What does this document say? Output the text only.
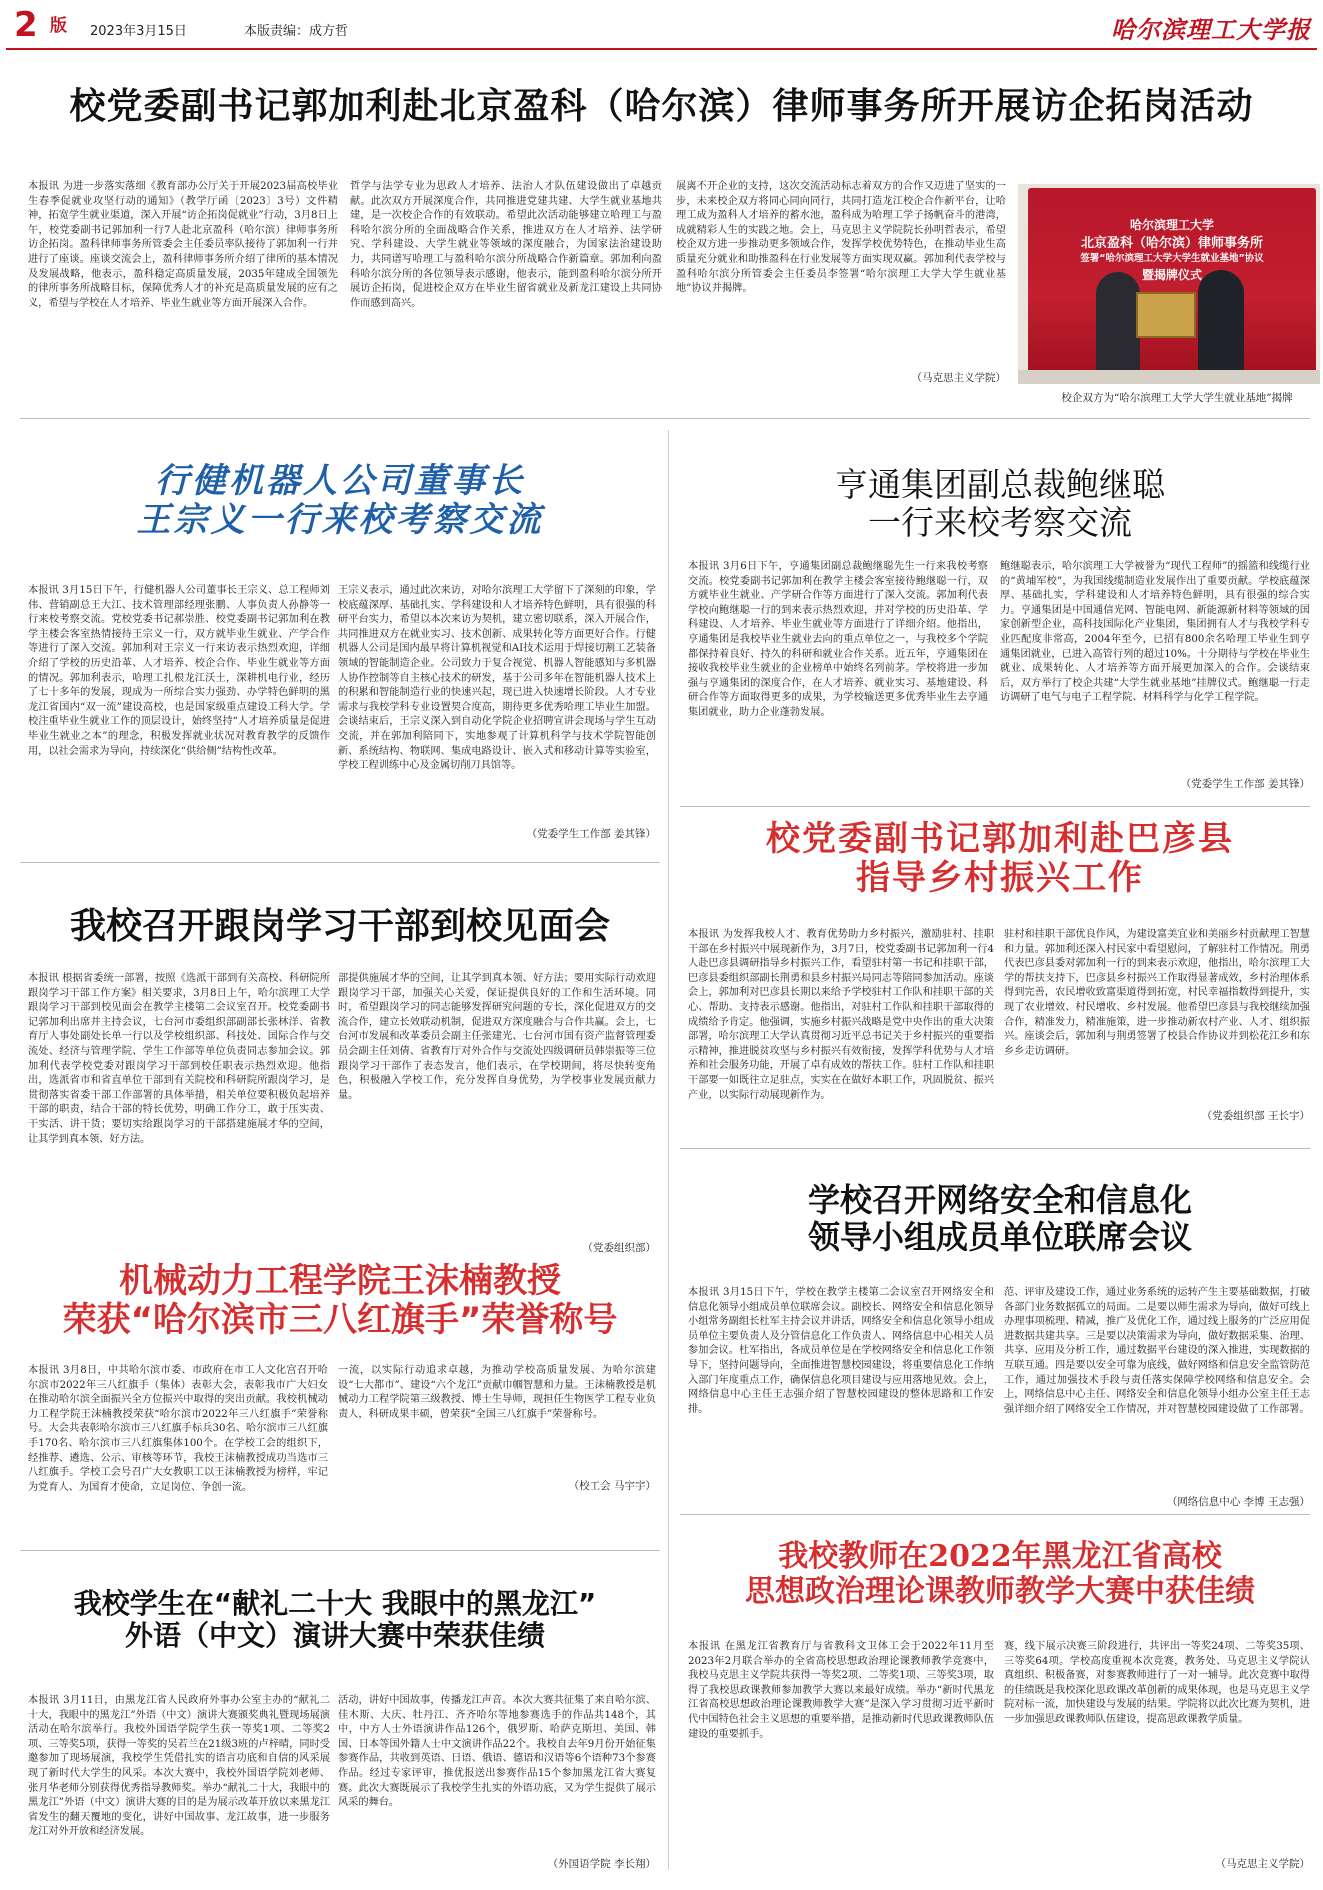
2 版 2023年3月15日	本版责编：成方哲	哈尔滨理工大学报
校党委副书记郭加利赴北京盈科（哈尔滨）律师事务所开展访企拓岗活动
本报讯 为进一步落实落细《教育部办公厅关于开展2023届高校毕业生春季促就业攻坚行动的通知》（教学厅函〔2023〕3号）文件精神，拓宽学生就业渠道，深入开展“访企拓岗促就业”行动，3月8日上午，校党委副书记郭加利一行7人赴北京盈科（哈尔滨）律师事务所访企拓岗。盈科律师事务所管委会主任委员率队接待了郭加利一行并进行了座谈。座谈交流会上，盈科律师事务所介绍了律所的基本情况及发展战略，他表示，盈科稳定高质量发展，2035年建成全国领先的律所事务所战略目标，保障优秀人才的补充是高质量发展的应有之义，希望与学校在人才培养、毕业生就业等方面开展深入合作。
哲学与法学专业为思政人才培养、法治人才队伍建设做出了卓越贡献。此次双方开展深度合作，共同推进党建共建、大学生就业基地共建，是一次校企合作的有效联动。希望此次活动能够建立哈理工与盈科哈尔滨分所的全面战略合作关系，推进双方在人才培养、法学研究、学科建设、大学生就业等领域的深度融合，为国家法治建设助力，共同谱写哈理工与盈科哈尔滨分所战略合作新篇章。郭加利向盈科哈尔滨分所的各位领导表示感谢，他表示，能到盈科哈尔滨分所开展访企拓岗，促进校企双方在毕业生留省就业及新龙江建设上共同协作而感到高兴。
展离不开企业的支持，这次交流活动标志着双方的合作又迈进了坚实的一步，未来校企双方将同心同向同行，共同打造龙江校企合作新平台，让哈理工成为盈科人才培养的蓄水池，盈科成为哈理工学子扬帆奋斗的港湾，成就精彩人生的实践之地。会上，马克思主义学院院长孙明哲表示，希望校企双方进一步推动更多领域合作，发挥学校优势特色，在推动毕业生高质量充分就业和助推盈科在行业发展等方面实现双赢。郭加利代表学校与盈科哈尔滨分所管委会主任委员李签署“哈尔滨理工大学大学生就业基地”协议并揭牌。
（马克思主义学院）
哈尔滨理工大学
北京盈科（哈尔滨）律师事务所
签署“哈尔滨理工大学大学生就业基地”协议
暨揭牌仪式
校企双方为“哈尔滨理工大学大学生就业基地”揭牌
行健机器人公司董事长
王宗义一行来校考察交流
本报讯 3月15日下午，行健机器人公司董事长王宗义、总工程师刘伟、营销副总王大江、技术管理部经理张鹏、人事负责人孙静等一行来校考察交流。党校党委书记郝崇胜、校党委副书记郭加利在教学主楼会客室热情接待王宗义一行，双方就毕业生就业、产学合作等进行了深入交流。郭加利对王宗义一行来访表示热烈欢迎，详细介绍了学校的历史沿革、人才培养、校企合作、毕业生就业等方面的情况。郭加利表示，哈理工扎根龙江沃土，深耕机电行业，经历了七十多年的发展，现成为一所综合实力强劲、办学特色鲜明的黑龙江省国内“双一流”建设高校，也是国家级重点建设工科大学。学校注重毕业生就业工作的顶层设计，始终坚持“人才培养质量是促进毕业生就业之本”的理念，积极发挥就业状况对教育教学的反馈作用，以社会需求为导向，持续深化“供给侧”结构性改革。
王宗义表示，通过此次来访，对哈尔滨理工大学留下了深刻的印象，学校底蕴深厚、基础扎实、学科建设和人才培养特色鲜明，具有很强的科研平台实力，希望以本次来访为契机，建立密切联系，深入开展合作，共同推进双方在就业实习、技术创新、成果转化等方面更好合作。行健机器人公司是国内最早将计算机视觉和AI技术运用于焊接切割工艺装备领域的智能制造企业。公司致力于复合视觉、机器人智能感知与多机器人协作控制等自主核心技术的研发，基于公司多年在智能机器人技术上的积累和智能制造行业的快速兴起，现已进入快速增长阶段。人才专业需求与我校学科专业设置契合度高，期待更多优秀哈理工毕业生加盟。会谈结束后，王宗义深入到自动化学院企业招聘宣讲会现场与学生互动交流，并在郭加利陪同下，实地参观了计算机科学与技术学院智能创新、系统结构、物联网、集成电路设计、嵌入式和移动计算等实验室，学校工程训练中心及金属切削刀具馆等。
（党委学生工作部 姜其锋）
亨通集团副总裁鲍继聪
一行来校考察交流
本报讯 3月6日下午，亨通集团副总裁鲍继聪先生一行来我校考察交流。校党委副书记郭加利在教学主楼会客室接待鲍继聪一行，双方就毕业生就业、产学研合作等方面进行了深入交流。郭加利代表学校向鲍继聪一行的到来表示热烈欢迎，并对学校的历史沿革、学科建设、人才培养、毕业生就业等方面进行了详细介绍。他指出，亨通集团是我校毕业生就业去向的重点单位之一，与我校多个学院都保持着良好、持久的科研和就业合作关系。近五年，亨通集团在接收我校毕业生就业的企业榜单中始终名列前茅。学校将进一步加强与亨通集团的深度合作，在人才培养、就业实习、基地建设、科研合作等方面取得更多的成果，为学校输送更多优秀毕业生去亨通集团就业，助力企业蓬勃发展。
鲍继聪表示，哈尔滨理工大学被誉为“现代工程师”的摇篮和线缆行业的“黄埔军校”，为我国线缆制造业发展作出了重要贡献。学校底蕴深厚、基础扎实，学科建设和人才培养特色鲜明，具有很强的综合实力。亨通集团是中国通信光网、智能电网、新能源新材料等领域的国家创新型企业，高科技国际化产业集团，集团拥有人才与我校学科专业匹配度非常高，2004年至今，已招有800余名哈理工毕业生到亨通集团就业，已进入高管行列的超过10%。十分期待与学校在毕业生就业、成果转化、人才培养等方面开展更加深入的合作。会谈结束后，双方举行了校企共建“大学生就业基地”挂牌仪式。鲍继聪一行走访调研了电气与电子工程学院、材料科学与化学工程学院。
（党委学生工作部 姜其锋）
我校召开跟岗学习干部到校见面会
本报讯 根据省委统一部署，按照《选派干部到有关高校、科研院所跟岗学习干部工作方案》相关要求，3月8日上午，哈尔滨理工大学跟岗学习干部到校见面会在教学主楼第二会议室召开。校党委副书记郭加利出席并主持会议，七台河市委组织部副部长张林洋、省教育厅人事处副处长单一行以及学校组织部、科技处、国际合作与交流处、经济与管理学院、学生工作部等单位负责同志参加会议。郭加利代表学校党委对跟岗学习干部到校任职表示热烈欢迎。他指出，选派省市和省直单位干部到有关院校和科研院所跟岗学习，是贯彻落实省委干部工作部署的具体举措，相关单位要积极负起培养干部的职责，结合干部的特长优势，明确工作分工，敢于压实责、干实活、讲干货；要切实给跟岗学习的干部搭建施展才华的空间，让其学到真本领、好方法。
部提供施展才华的空间，让其学到真本领、好方法；要用实际行动欢迎跟岗学习干部，加强关心关爱，保证提供良好的工作和生活环境。同时，希望跟岗学习的同志能够发挥研究问题的专长，深化促进双方的交流合作，建立长效联动机制，促进双方深度融合与合作共赢。会上，七台河市发展和改革委员会副主任张建光、七台河市国有资产监督管理委员会副主任刘倩、省教育厅对外合作与交流处四级调研员韩崇振等三位跟岗学习干部作了表态发言，他们表示，在学校期间，将尽快转变角色，积极融入学校工作，充分发挥自身优势，为学校事业发展贡献力量。
（党委组织部）
校党委副书记郭加利赴巴彦县
指导乡村振兴工作
本报讯 为发挥我校人才、教育优势助力乡村振兴，激励驻村、挂职干部在乡村振兴中展现新作为，3月7日，校党委副书记郭加利一行4人赴巴彦县调研指导乡村振兴工作，看望驻村第一书记和挂职干部，巴彦县委组织部副长荆勇和县乡村振兴局同志等陪同参加活动。座谈会上，郭加利对巴彦县长期以来给予学校驻村工作队和挂职干部的关心、帮助、支持表示感谢。他指出，对驻村工作队和挂职干部取得的成绩给予肯定。他强调，实施乡村振兴战略是党中央作出的重大决策部署，哈尔滨理工大学认真贯彻习近平总书记关于乡村振兴的重要指示精神，推进脱贫攻坚与乡村振兴有效衔接，发挥学科优势与人才培养和社会服务功能，开展了卓有成效的帮扶工作。驻村工作队和挂职干部要一如既往立足驻点，实实在在做好本职工作，巩固脱贫、振兴产业，以实际行动展现新作为。
驻村和挂职干部优良作风，为建设富美宜业和美丽乡村贡献理工智慧和力量。郭加利还深入村民家中看望慰问，了解驻村工作情况。荆勇代表巴彦县委对郭加利一行的到来表示欢迎，他指出，哈尔滨理工大学的帮扶支持下，巴彦县乡村振兴工作取得显著成效，乡村治理体系得到完善，农民增收致富渠道得到拓宽，村民幸福指数得到提升，实现了农业增效、村民增收、乡村发展。他希望巴彦县与我校继续加强合作，精准发力，精准施策，进一步推动新农村产业、人才、组织振兴。座谈会后，郭加利与荆勇签署了校县合作协议并到松花江乡和东乡乡走访调研。
（党委组织部 王长宇）
机械动力工程学院王沫楠教授
荣获“哈尔滨市三八红旗手”荣誉称号
本报讯 3月8日，中共哈尔滨市委、市政府在市工人文化宫召开哈尔滨市2022年三八红旗手（集体）表彰大会，表彰我市广大妇女在推动哈尔滨全面振兴全方位振兴中取得的突出贡献。我校机械动力工程学院王沫楠教授荣获“哈尔滨市2022年三八红旗手”荣誉称号。大会共表彰哈尔滨市三八红旗手标兵30名、哈尔滨市三八红旗手170名、哈尔滨市三八红旗集体100个。在学校工会的组织下，经推荐、遴选、公示、审核等环节，我校王沫楠教授成功当选市三八红旗手。学校工会号召广大女教职工以王沫楠教授为榜样，牢记为党育人、为国育才使命，立足岗位、争创一流。
一流，以实际行动追求卓越，为推动学校高质量发展、为哈尔滨建设“七大都市”、建设“六个龙江”贡献巾帼智慧和力量。王沫楠教授是机械动力工程学院第三级教授、博士生导师，现担任生物医学工程专业负责人，科研成果丰硕，曾荣获“全国三八红旗手”荣誉称号。
（校工会 马宇宇）
学校召开网络安全和信息化
领导小组成员单位联席会议
本报讯 3月15日下午，学校在教学主楼第二会议室召开网络安全和信息化领导小组成员单位联席会议。副校长、网络安全和信息化领导小组常务副组长杜军主持会议并讲话，网络安全和信息化领导小组成员单位主要负责人及分管信息化工作负责人、网络信息中心相关人员参加会议。杜军指出，各成员单位是在学校网络安全和信息化工作领导下，坚持问题导向，全面推进智慧校园建设，将重要信息化工作纳入部门年度重点工作，确保信息化项目建设与应用落地见效。会上，网络信息中心主任王志强介绍了智慧校园建设的整体思路和工作安排。
范、评审及建设工作，通过业务系统的运转产生主要基础数据，打破各部门业务数据孤立的局面。二是要以师生需求为导向，做好可线上办理事项梳理、精减，推广及优化工作，通过线上服务的广泛应用促进数据共建共享。三是要以决策需求为导向，做好数据采集、治理、共享、应用及分析工作，通过数据平台建设的深入推进，实现数据的互联互通。四是要以安全可靠为底线，做好网络和信息安全监管防范工作，通过加强技术手段与责任落实保障学校网络和信息安全。会上，网络信息中心主任、网络安全和信息化领导小组办公室主任王志强详细介绍了网络安全工作情况，并对智慧校园建设做了工作部署。
（网络信息中心 李博 王志强）
我校学生在“献礼二十大 我眼中的黑龙江”
外语（中文）演讲大赛中荣获佳绩
本报讯 3月11日，由黑龙江省人民政府外事办公室主办的“献礼二十大，我眼中的黑龙江”外语（中文）演讲大赛颁奖典礼暨现场展演活动在哈尔滨举行。我校外国语学院学生获一等奖1项、二等奖2项、三等奖5项，获得一等奖的吴若兰在21级3班的卢梓晴，同时受邀参加了现场展演，我校学生凭借扎实的语言功底和自信的风采展现了新时代大学生的风采。本次大赛中，我校外国语学院刘老师、张月华老师分别获得优秀指导教师奖。举办“献礼二十大，我眼中的黑龙江”外语（中文）演讲大赛的目的是为展示改革开放以来黑龙江省发生的翻天覆地的变化，讲好中国故事、龙江故事，进一步服务龙江对外开放和经济发展。
活动，讲好中国故事，传播龙江声音。本次大赛共征集了来自哈尔滨、佳木斯、大庆、牡丹江、齐齐哈尔等地参赛选手的作品共148个，其中，中方人士外语演讲作品126个，俄罗斯、哈萨克斯坦、美国、韩国、日本等国外籍人士中文演讲作品22个。我校自去年9月份开始征集参赛作品，共收到英语、日语、俄语、德语和汉语等6个语种73个参赛作品。经过专家评审，推优报送出参赛作品15个参加黑龙江省大赛复赛。此次大赛既展示了我校学生扎实的外语功底，又为学生提供了展示风采的舞台。
（外国语学院 李长翔）
我校教师在2022年黑龙江省高校
思想政治理论课教师教学大赛中获佳绩
本报讯 在黑龙江省教育厅与省教科文卫体工会于2022年11月至2023年2月联合举办的全省高校思想政治理论课教师教学竞赛中，我校马克思主义学院共获得一等奖2项、二等奖1项、三等奖3项，取得了我校思政课教师参加教学大赛以来最好成绩。举办“新时代黑龙江省高校思想政治理论课教师教学大赛”是深入学习贯彻习近平新时代中国特色社会主义思想的重要举措，是推动新时代思政课教师队伍建设的重要抓手。
赛，线下展示决赛三阶段进行，共评出一等奖24项、二等奖35项、三等奖64项。学校高度重视本次竞赛，教务处、马克思主义学院认真组织、积极备赛，对参赛教师进行了一对一辅导。此次竞赛中取得的佳绩既是我校深化思政课改革创新的成果体现，也是马克思主义学院对标一流，加快建设与发展的结果。学院将以此次比赛为契机，进一步加强思政课教师队伍建设，提高思政课教学质量。
（马克思主义学院）
